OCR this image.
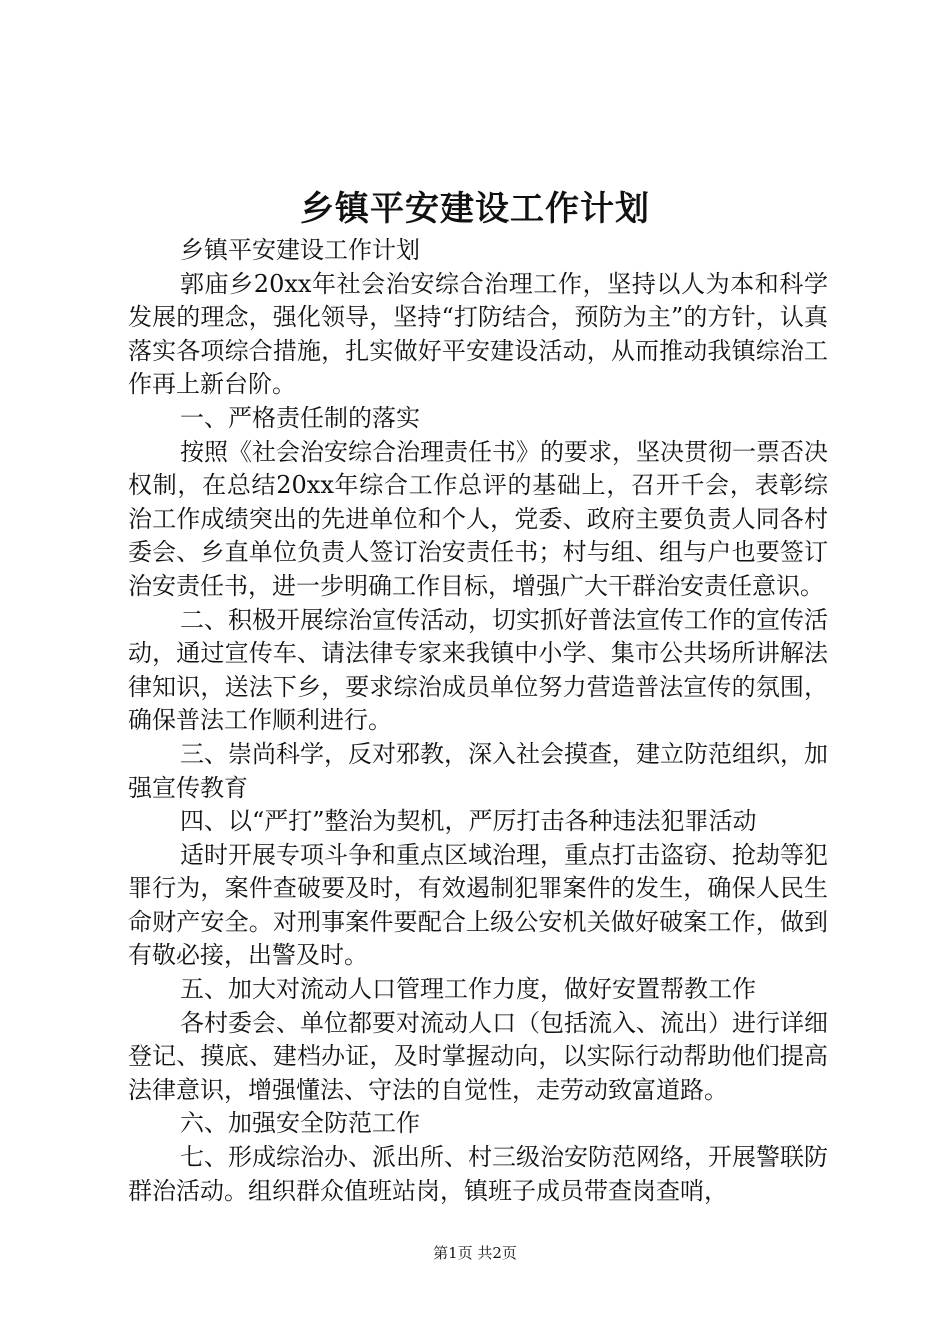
乡镇平安建设工作计划

乡镇平安建设工作计划

郭庙乡20xx年社会治安综合治理工作，坚持以人为本和科学发展的理念，强化领导，坚持“打防结合，预防为主”的方针，认真落实各项综合措施，扎实做好平安建设活动，从而推动我镇综治工作再上新台阶。

一、严格责任制的落实

按照《社会治安综合治理责任书》的要求，坚决贯彻一票否决权制，在总结20xx年综合工作总评的基础上，召开千会，表彰综治工作成绩突出的先进单位和个人，党委、政府主要负责人同各村委会、乡直单位负责人签订治安责任书；村与组、组与户也要签订治安责任书，进一步明确工作目标，增强广大干群治安责任意识。

二、积极开展综治宣传活动，切实抓好普法宣传工作的宣传活动，通过宣传车、请法律专家来我镇中小学、集市公共场所讲解法律知识，送法下乡，要求综治成员单位努力营造普法宣传的氛围，确保普法工作顺利进行。

三、崇尚科学，反对邪教，深入社会摸查，建立防范组织，加强宣传教育

四、以“严打”整治为契机，严厉打击各种违法犯罪活动

适时开展专项斗争和重点区域治理，重点打击盗窃、抢劫等犯罪行为，案件查破要及时，有效遏制犯罪案件的发生，确保人民生命财产安全。对刑事案件要配合上级公安机关做好破案工作，做到有敬必接，出警及时。

五、加大对流动人口管理工作力度，做好安置帮教工作

各村委会、单位都要对流动人口（包括流入、流出）进行详细登记、摸底、建档办证，及时掌握动向，以实际行动帮助他们提高法律意识，增强懂法、守法的自觉性，走劳动致富道路。

六、加强安全防范工作

七、形成综治办、派出所、村三级治安防范网络，开展警联防群治活动。组织群众值班站岗，镇班子成员带查岗查哨，

第1页 共2页
